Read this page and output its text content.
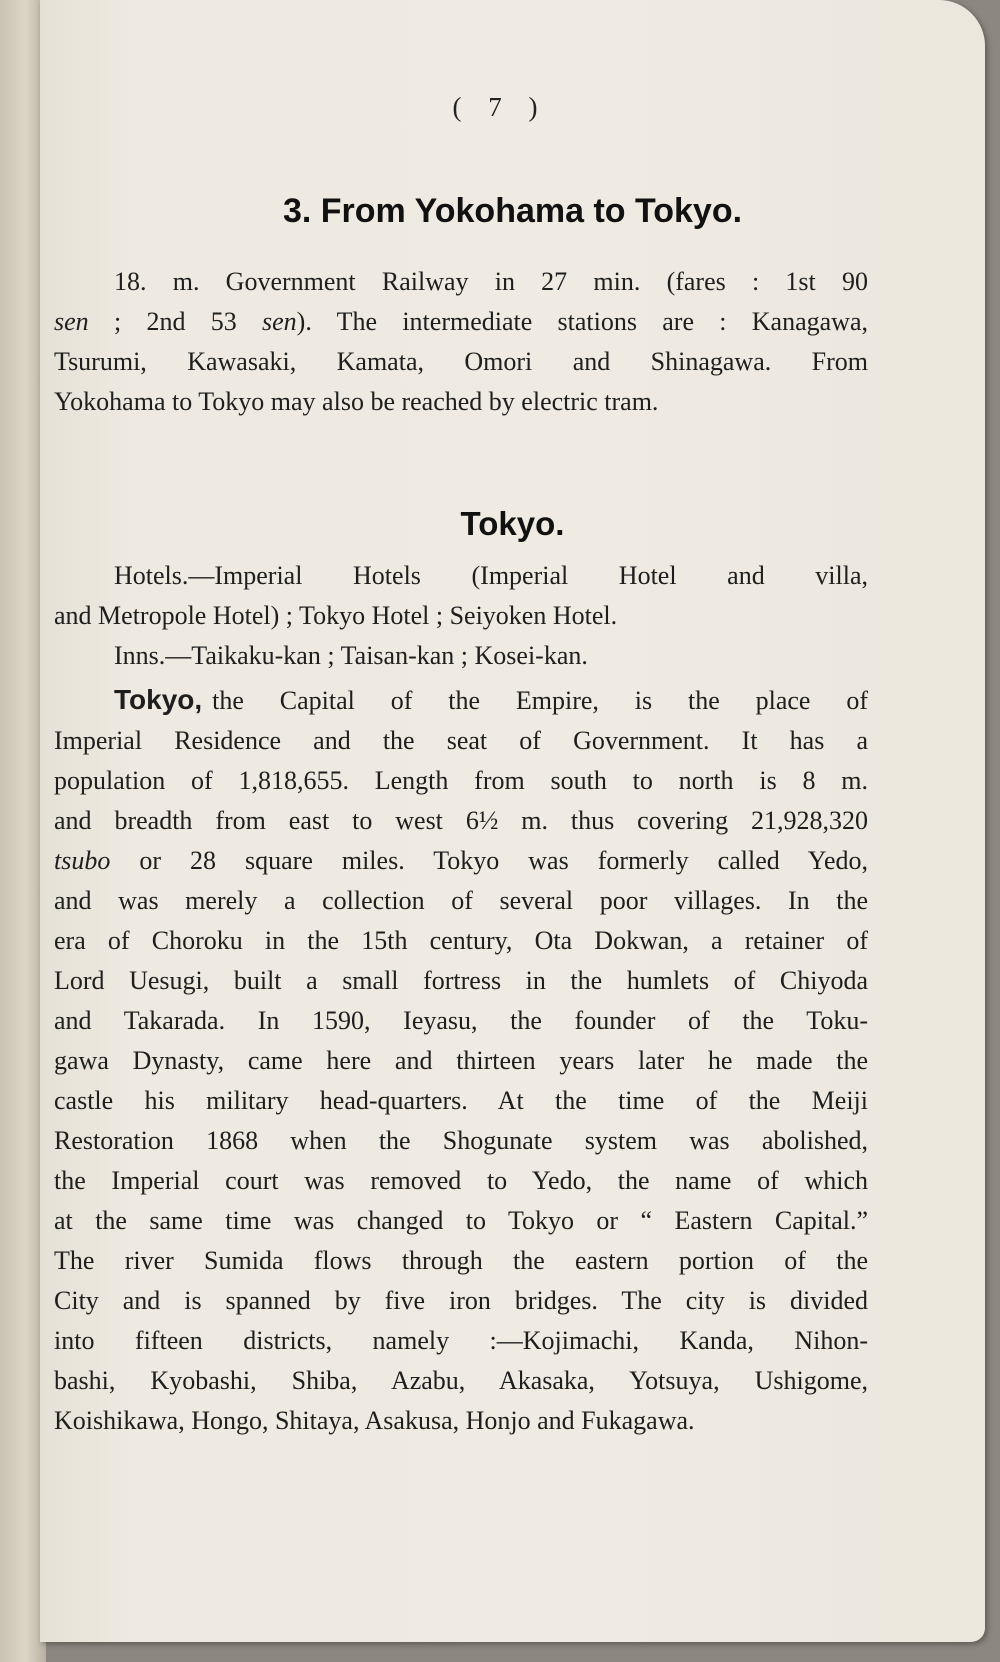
( 7 )
3. From Yokohama to Tokyo.
18. m. Government Railway in 27 min. (fares : 1st 90
sen ; 2nd 53 sen). The intermediate stations are : Kanagawa,
Tsurumi, Kawasaki, Kamata, Omori and Shinagawa. From
Yokohama to Tokyo may also be reached by electric tram.
Tokyo.
Hotels.—Imperial Hotels (Imperial Hotel and villa,
and Metropole Hotel) ; Tokyo Hotel ; Seiyoken Hotel.
Inns.—Taikaku-kan ; Taisan-kan ; Kosei-kan.
Tokyo, the Capital of the Empire, is the place of
Imperial Residence and the seat of Government. It has a
population of 1,818,655. Length from south to north is 8 m.
and breadth from east to west 6½ m. thus covering 21,928,320
tsubo or 28 square miles. Tokyo was formerly called Yedo,
and was merely a collection of several poor villages. In the
era of Choroku in the 15th century, Ota Dokwan, a retainer of
Lord Uesugi, built a small fortress in the humlets of Chiyoda
and Takarada. In 1590, Ieyasu, the founder of the Toku-
gawa Dynasty, came here and thirteen years later he made the
castle his military head-quarters. At the time of the Meiji
Restoration 1868 when the Shogunate system was abolished,
the Imperial court was removed to Yedo, the name of which
at the same time was changed to Tokyo or “ Eastern Capital.”
The river Sumida flows through the eastern portion of the
City and is spanned by five iron bridges. The city is divided
into fifteen districts, namely :—Kojimachi, Kanda, Nihon-
bashi, Kyobashi, Shiba, Azabu, Akasaka, Yotsuya, Ushigome,
Koishikawa, Hongo, Shitaya, Asakusa, Honjo and Fukagawa.
